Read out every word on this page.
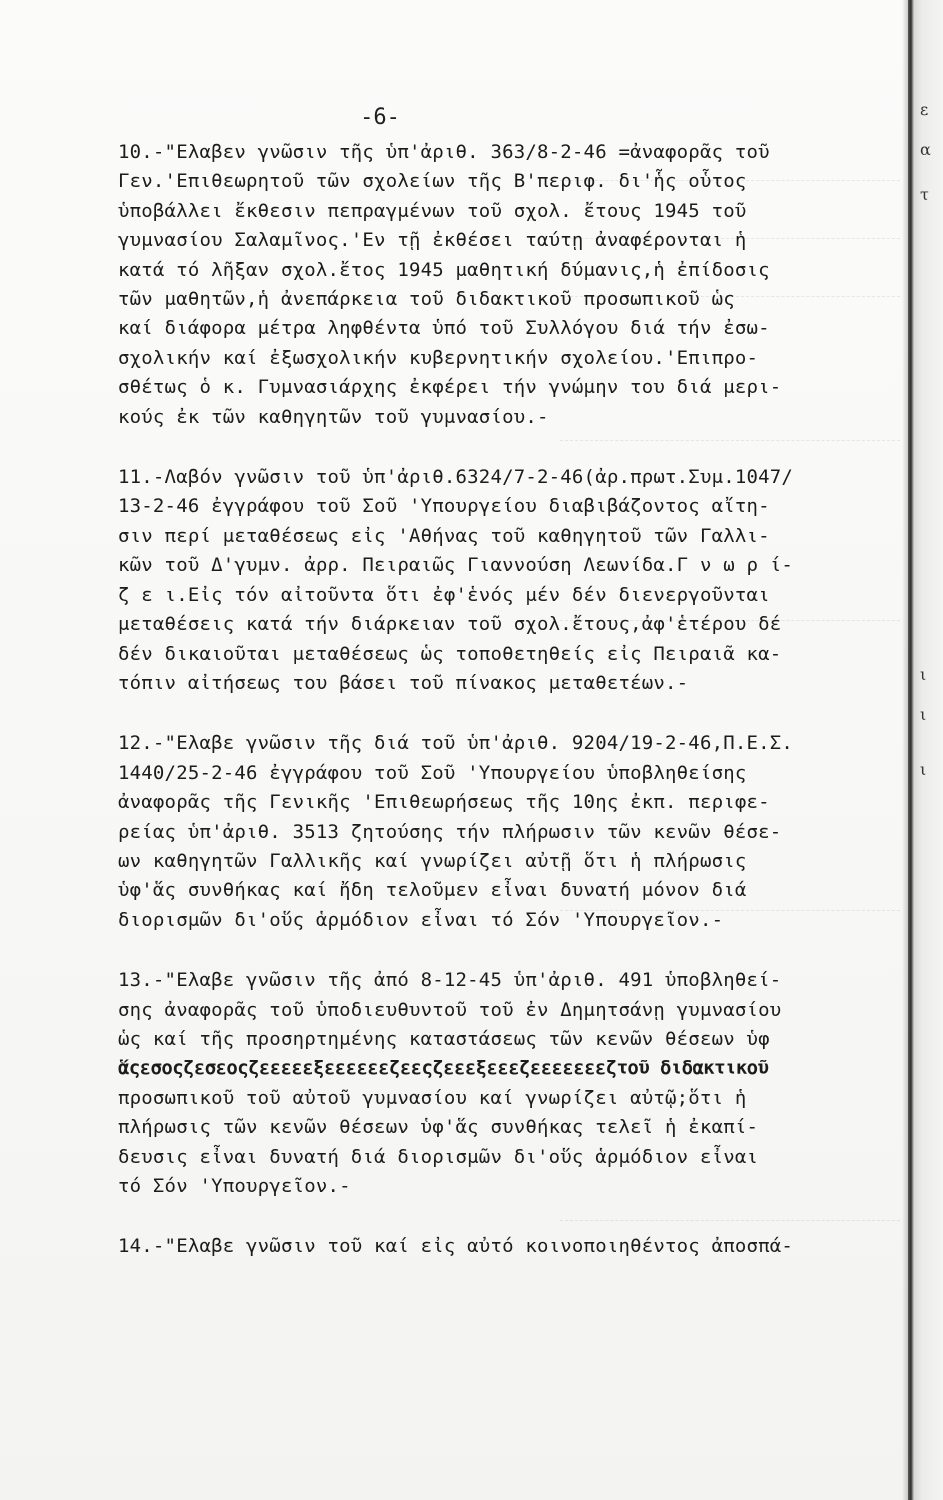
-6-

10.-"Ελαβεν γνῶσιν τῆς ὑπ'ἀριθ. 363/8-2-46 =ἀναφορᾶς τοῦ
Γεν.'Επιθεωρητοῦ τῶν σχολείων τῆς Β'περιφ. δι'ἧς οὗτος
ὑποβάλλει ἔκθεσιν πεπραγμένων τοῦ σχολ. ἔτους 1945 τοῦ
γυμνασίου Σαλαμῖνος.'Εν τῇ ἐκθέσει ταύτῃ ἀναφέρονται ἡ
κατά τό λῆξαν σχολ.ἔτος 1945 μαθητική δύμανις,ἡ ἐπίδοσις
τῶν μαθητῶν,ἡ ἀνεπάρκεια τοῦ διδακτικοῦ προσωπικοῦ ὡς
καί διάφορα μέτρα ληφθέντα ὑπό τοῦ Συλλόγου διά τήν ἐσω-
σχολικήν καί ἐξωσχολικήν κυβερνητικήν σχολείου.'Επιπρο-
σθέτως ὁ κ. Γυμνασιάρχης ἐκφέρει τήν γνώμην του διά μερι-
κούς ἐκ τῶν καθηγητῶν τοῦ γυμνασίου.-
11.-Λαβόν γνῶσιν τοῦ ὑπ'ἀριθ.6324/7-2-46(ἀρ.πρωτ.Συμ.1047/
13-2-46 ἐγγράφου τοῦ Σοῦ 'Υπουργείου διαβιβάζοντος αἴτη-
σιν περί μεταθέσεως εἰς 'Αθήνας τοῦ καθηγητοῦ τῶν Γαλλι-
κῶν τοῦ Δ'γυμν. ἀρρ. Πειραιῶς Γιαννούση Λεωνίδα.Γ ν ω ρ ί-
ζ ε ι.Εἰς τόν αἰτοῦντα ὅτι ἐφ'ἑνός μέν δέν διενεργοῦνται
μεταθέσεις κατά τήν διάρκειαν τοῦ σχολ.ἔτους,ἀφ'ἑτέρου δέ
δέν δικαιοῦται μεταθέσεως ὡς τοποθετηθείς εἰς Πειραιᾶ κα-
τόπιν αἰτήσεως του βάσει τοῦ πίνακος μεταθετέων.-
12.-"Ελαβε γνῶσιν τῆς διά τοῦ ὑπ'ἀριθ. 9204/19-2-46,Π.Ε.Σ.
1440/25-2-46 ἐγγράφου τοῦ Σοῦ 'Υπουργείου ὑποβληθείσης
ἀναφορᾶς τῆς Γενικῆς 'Επιθεωρήσεως τῆς 10ης ἐκπ. περιφε-
ρείας ὑπ'ἀριθ. 3513 ζητούσης τήν πλήρωσιν τῶν κενῶν θέσε-
ων καθηγητῶν Γαλλικῆς καί γνωρίζει αὐτῇ ὅτι ἡ πλήρωσις
ὑφ'ἅς συνθήκας καί ἤδη τελοῦμεν εἶναι δυνατή μόνον διά
διορισμῶν δι'οὕς ἁρμόδιον εἶναι τό Σόν 'Υπουργεῖον.-
13.-"Ελαβε γνῶσιν τῆς ἀπό 8-12-45 ὑπ'ἀριθ. 491 ὑποβληθεί-
σης ἀναφορᾶς τοῦ ὑποδιευθυντοῦ τοῦ ἐν Δημητσάνῃ γυμνασίου
ὡς καί τῆς προσηρτημένης καταστάσεως τῶν κενῶν θέσεων ὑφ
ἅςεσοςζεσεοςζεεεεεξεεεεεεζεεςζεεεξεεεζεεεεεεεζτοῦ διδακτικοῦ
προσωπικοῦ τοῦ αὐτοῦ γυμνασίου καί γνωρίζει αὐτῷ;ὅτι ἡ
πλήρωσις τῶν κενῶν θέσεων ὑφ'ἅς συνθήκας τελεῖ ἡ ἐκαπί-
δευσις εἶναι δυνατή διά διορισμῶν δι'οὕς ἁρμόδιον εἶναι
τό Σόν 'Υπουργεῖον.-
14.-"Ελαβε γνῶσιν τοῦ καί εἰς αὐτό κοινοποιηθέντος ἀποσπά-
ε
α
τ
ι
ι
ι
